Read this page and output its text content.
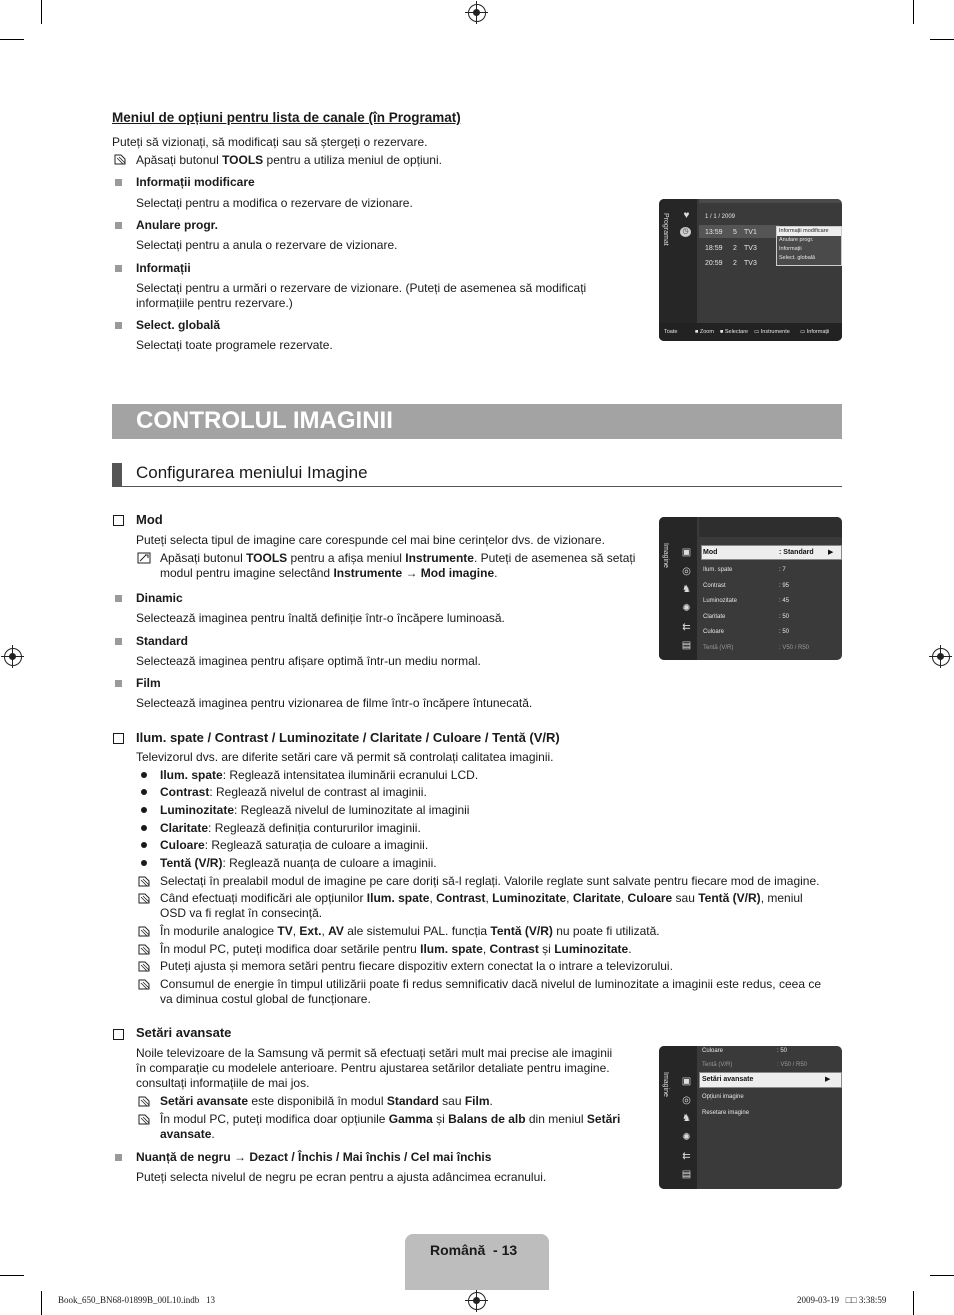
Meniul de opțiuni pentru lista de canale (în Programat)
Puteți să vizionați, să modificați sau să ștergeți o rezervare.
Apăsați butonul TOOLS pentru a utiliza meniul de opțiuni.
Informații modificare
Selectați pentru a modifica o rezervare de vizionare.
Anulare progr.
Selectați pentru a anula o rezervare de vizionare.
Informații
Selectați pentru a urmări o rezervare de vizionare. (Puteți de asemenea să modificați
informațiile pentru rezervare.)
Select. globală
Selectați toate programele rezervate.
Programat ♥
◷
1 / 1 / 2009
13:59 5 TV1
18:59 2 TV3
20:59 2 TV3
Informații modificare
Anulare progr.
Informații
Select. globală
Toate	■ Zoom ■ Selectare ▭ Instrumente ▭ Informații
CONTROLUL IMAGINII
Configurarea meniului Imagine
Mod
Puteți selecta tipul de imagine care corespunde cel mai bine cerințelor dvs. de vizionare.
Apăsați butonul TOOLS pentru a afișa meniul Instrumente. Puteți de asemenea să setați
modul pentru imagine selectând Instrumente → Mod imagine.
Dinamic
Selectează imaginea pentru înaltă definiție într-o încăpere luminoasă.
Standard
Selectează imaginea pentru afișare optimă într-un mediu normal.
Film
Selectează imaginea pentru vizionarea de filme într-o încăpere întunecată.
Imagine ▣
◎
♞
✺
⇇
▤
Mod	: Standard ▶
Ilum. spate	: 7
Contrast	: 95
Luminozitate	: 45
Claritate	: 50
Culoare	: 50
Tentă (V/R)	: V50 / R50
Ilum. spate / Contrast / Luminozitate / Claritate / Culoare / Tentă (V/R)
Televizorul dvs. are diferite setări care vă permit să controlați calitatea imaginii.
Ilum. spate: Reglează intensitatea iluminării ecranului LCD.
Contrast: Reglează nivelul de contrast al imaginii.
Luminozitate: Reglează nivelul de luminozitate al imaginii
Claritate: Reglează definiția contururilor imaginii.
Culoare: Reglează saturația de culoare a imaginii.
Tentă (V/R): Reglează nuanța de culoare a imaginii.
Selectați în prealabil modul de imagine pe care doriți să-l reglați. Valorile reglate sunt salvate pentru fiecare mod de imagine.
Când efectuați modificări ale opțiunilor Ilum. spate, Contrast, Luminozitate, Claritate, Culoare sau Tentă (V/R), meniul
OSD va fi reglat în consecință.
În modurile analogice TV, Ext., AV ale sistemului PAL. funcția Tentă (V/R) nu poate fi utilizată.
În modul PC, puteți modifica doar setările pentru Ilum. spate, Contrast și Luminozitate.
Puteți ajusta și memora setări pentru fiecare dispozitiv extern conectat la o intrare a televizorului.
Consumul de energie în timpul utilizării poate fi redus semnificativ dacă nivelul de luminozitate a imaginii este redus, ceea ce
va diminua costul global de funcționare.
Setări avansate
Noile televizoare de la Samsung vă permit să efectuați setări mult mai precise ale imaginii
în comparație cu modelele anterioare. Pentru ajustarea setărilor detaliate pentru imagine.
consultați informațiile de mai jos.
Setări avansate este disponibilă în modul Standard sau Film.
În modul PC, puteți modifica doar opțiunile Gamma și Balans de alb din meniul Setări
avansate.
Nuanță de negru → Dezact / Închis / Mai închis / Cel mai închis
Puteți selecta nivelul de negru pe ecran pentru a ajusta adâncimea ecranului.
Imagine ▣
◎
♞
✺
⇇
▤
Culoare	: 50
Tentă (V/R)	: V50 / R50
Setări avansate	▶
Opțiuni imagine
Resetare imagine
Română  - 13
Book_650_BN68-01899B_00L10.indb   13	2009-03-19   □□ 3:38:59
